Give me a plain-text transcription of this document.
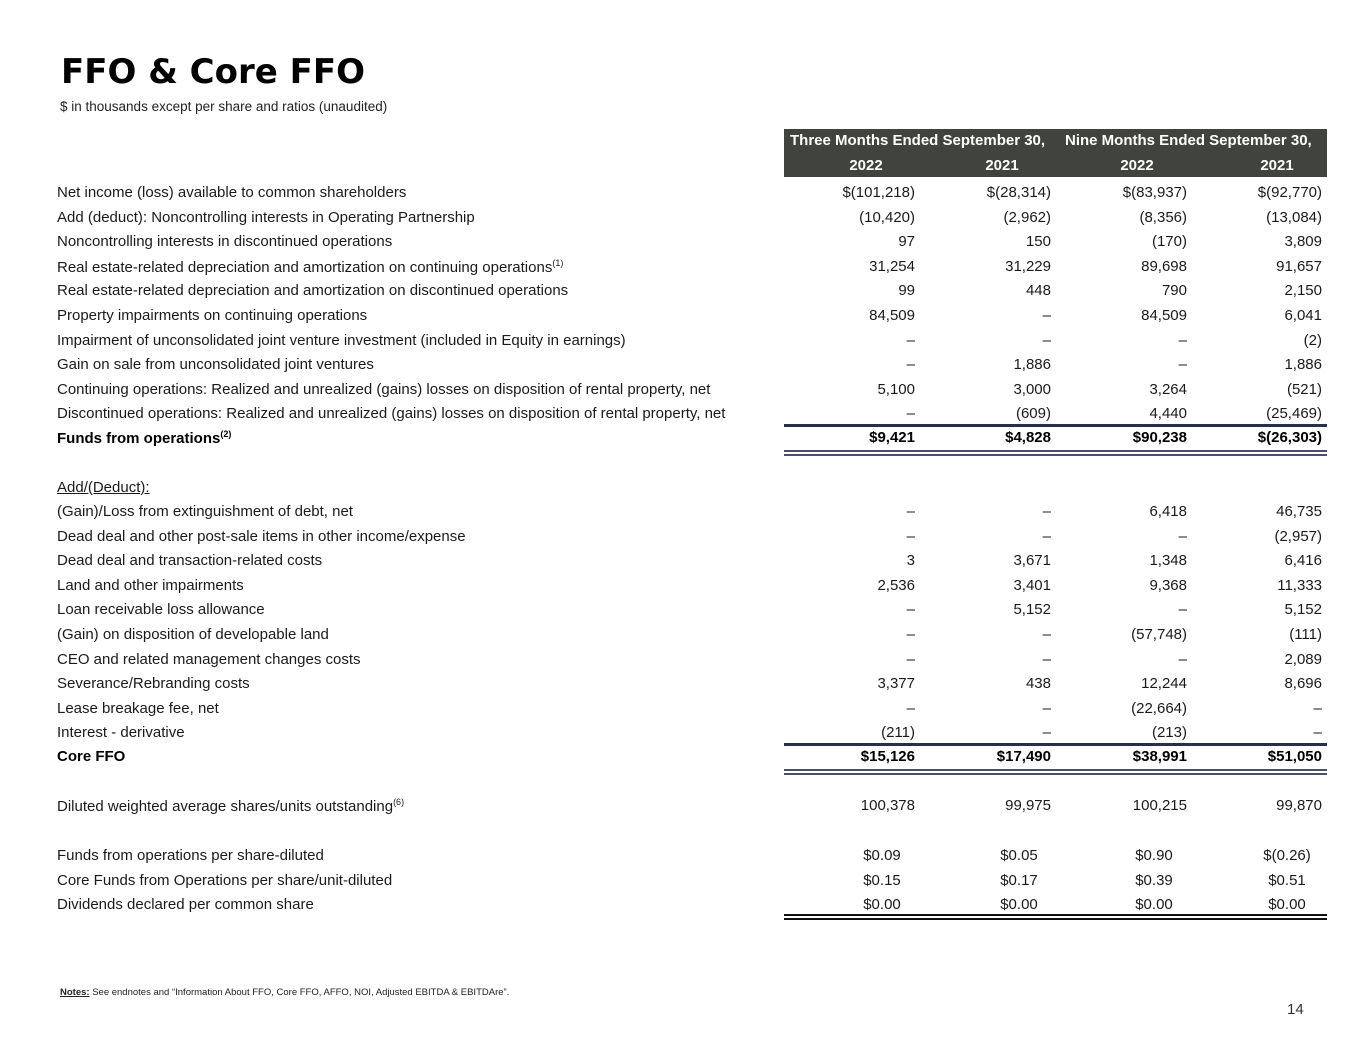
FFO & Core FFO
$ in thousands except per share and ratios (unaudited)
Three Months Ended September 30, Nine Months Ended September 30,
2022	2021	2022	2021
Net income (loss) available to common shareholders	$(101,218)	$(28,314)	$(83,937)	$(92,770)
Add (deduct): Noncontrolling interests in Operating Partnership	(10,420)	(2,962)	(8,356)	(13,084)
Noncontrolling interests in discontinued operations	97	150	(170)	3,809
Real estate-related depreciation and amortization on continuing operations$^{(1)}$	31,254	31,229	89,698	91,657
Real estate-related depreciation and amortization on discontinued operations	99	448	790	2,150
Property impairments on continuing operations	84,509	–	84,509	6,041
Impairment of unconsolidated joint venture investment (included in Equity in earnings)	–	–	–	(2)
Gain on sale from unconsolidated joint ventures	–	1,886	–	1,886
Continuing operations: Realized and unrealized (gains) losses on disposition of rental property, net	5,100	3,000	3,264	(521)
Discontinued operations: Realized and unrealized (gains) losses on disposition of rental property, net	–	(609)	4,440	(25,469)
Funds from operations$^{(2)}$	$9,421	$4,828	$90,238	$(26,303)
Add/(Deduct):
(Gain)/Loss from extinguishment of debt, net	–	–	6,418	46,735
Dead deal and other post-sale items in other income/expense	–	–	–	(2,957)
Dead deal and transaction-related costs	3	3,671	1,348	6,416
Land and other impairments	2,536	3,401	9,368	11,333
Loan receivable loss allowance	–	5,152	–	5,152
(Gain) on disposition of developable land	–	–	(57,748)	(111)
CEO and related management changes costs	–	–	–	2,089
Severance/Rebranding costs	3,377	438	12,244	8,696
Lease breakage fee, net	–	–	(22,664)	–
Interest - derivative	(211)	–	(213)	–
Core FFO	$15,126	$17,490	$38,991	$51,050
Diluted weighted average shares/units outstanding$^{(6)}$	100,378	99,975	100,215	99,870
Funds from operations per share-diluted	$0.09	$0.05	$0.90	$(0.26)
Core Funds from Operations per share/unit-diluted	$0.15	$0.17	$0.39	$0.51
Dividends declared per common share	$0.00	$0.00	$0.00	$0.00
Notes: See endnotes and “Information About FFO, Core FFO, AFFO, NOI, Adjusted EBITDA & EBITDAre”.
14
